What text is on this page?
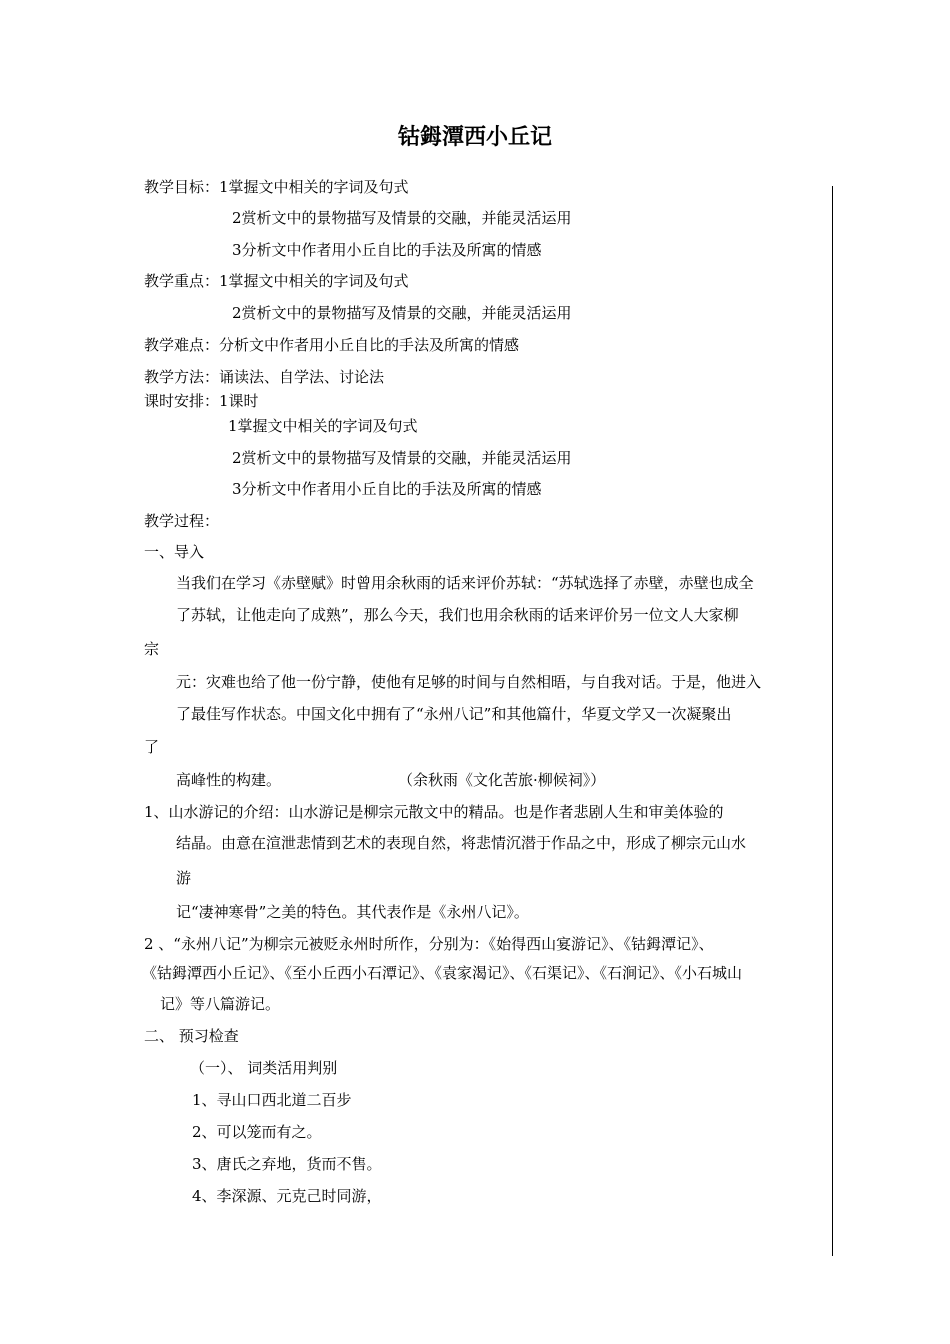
钴鉧潭西小丘记
教学目标：1掌握文中相关的字词及句式
2赏析文中的景物描写及情景的交融，并能灵活运用
3分析文中作者用小丘自比的手法及所寓的情感
教学重点：1掌握文中相关的字词及句式
2赏析文中的景物描写及情景的交融，并能灵活运用
教学难点：分析文中作者用小丘自比的手法及所寓的情感
教学方法：诵读法、自学法、讨论法
课时安排：1课时
1掌握文中相关的字词及句式
2赏析文中的景物描写及情景的交融，并能灵活运用
3分析文中作者用小丘自比的手法及所寓的情感
教学过程：
一、导入
当我们在学习《赤壁赋》时曾用余秋雨的话来评价苏轼：“苏轼选择了赤壁，赤壁也成全
了苏轼，让他走向了成熟”，那么今天，我们也用余秋雨的话来评价另一位文人大家柳
宗
元：灾难也给了他一份宁静，使他有足够的时间与自然相晤，与自我对话。于是，他进入
了最佳写作状态。中国文化中拥有了“永州八记”和其他篇什，华夏文学又一次凝聚出
了
高峰性的构建。	（余秋雨《文化苦旅·柳候祠》）
1、山水游记的介绍：山水游记是柳宗元散文中的精品。也是作者悲剧人生和审美体验的
结晶。由意在渲泄悲情到艺术的表现自然，将悲情沉潜于作品之中，形成了柳宗元山水
游
记“凄神寒骨”之美的特色。其代表作是《永州八记》。
2 、“永州八记”为柳宗元被贬永州时所作，分别为：《始得西山宴游记》、《钴鉧潭记》、
《钴鉧潭西小丘记》、《至小丘西小石潭记》、《袁家渴记》、《石渠记》、《石涧记》、《小石城山
记》等八篇游记。
二、 预习检查
（一）、 词类活用判别
1、寻山口西北道二百步
2、可以笼而有之。
3、唐氏之弃地，货而不售。
4、李深源、元克己时同游，
